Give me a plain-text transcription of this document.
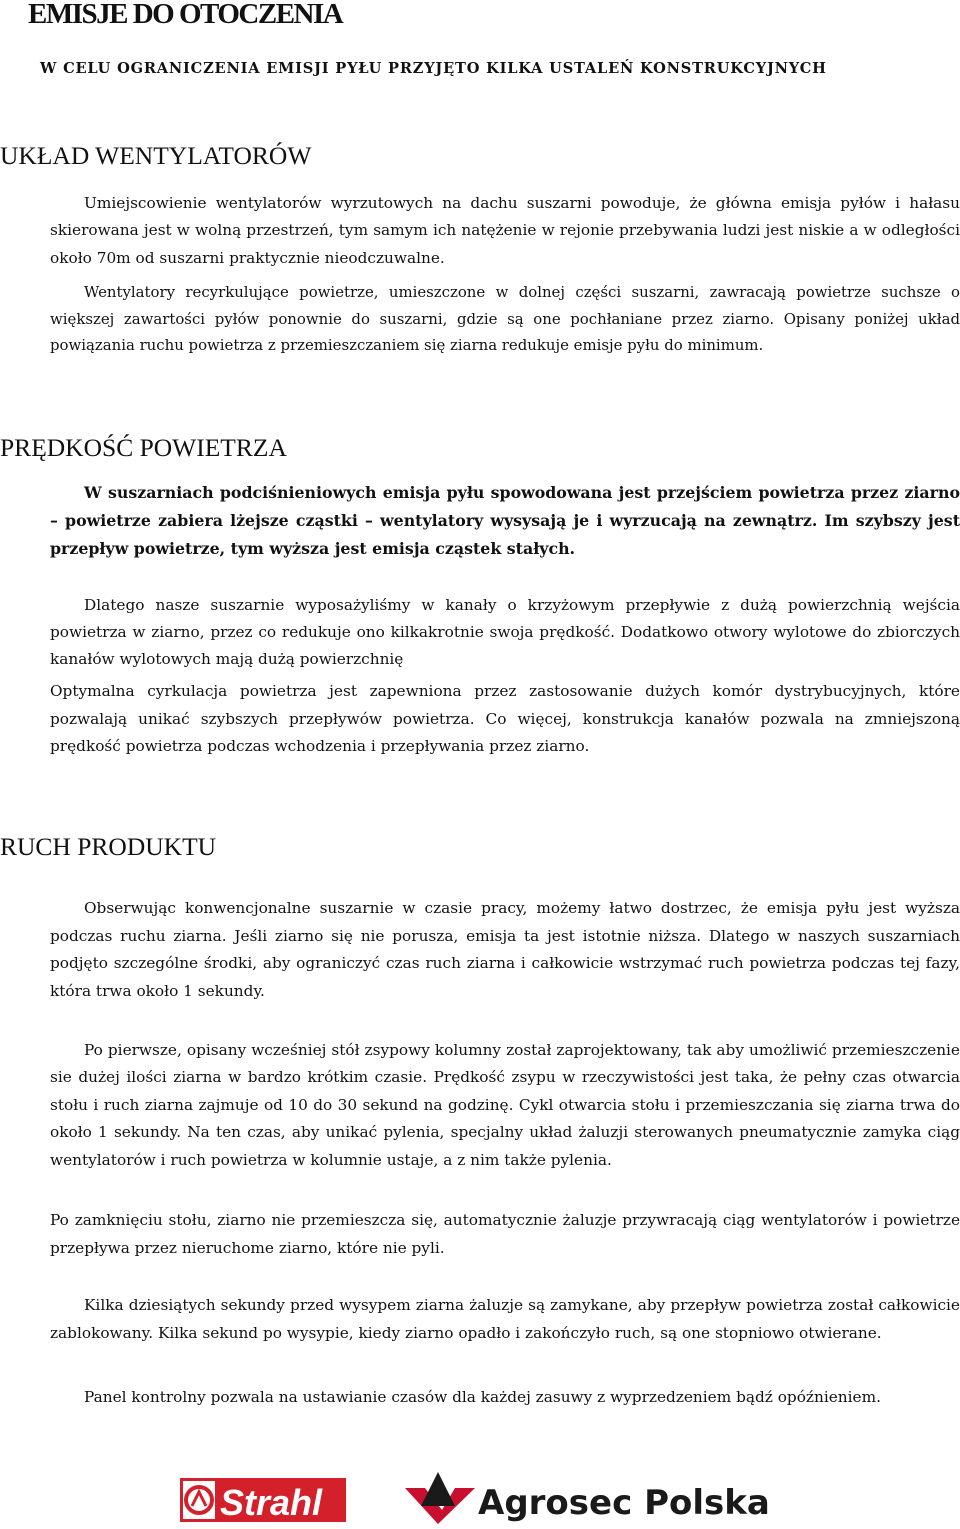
EMISJE DO OTOCZENIA
W CELU OGRANICZENIA EMISJI PYŁU PRZYJĘTO KILKA USTALEŃ KONSTRUKCYJNYCH
UKŁAD WENTYLATORÓW
Umiejscowienie wentylatorów wyrzutowych na dachu suszarni powoduje, że główna emisja pyłów i hałasu skierowana jest w wolną przestrzeń, tym samym ich natężenie w rejonie przebywania ludzi jest niskie a w odległości około 70m od suszarni praktycznie nieodczuwalne.
Wentylatory recyrkulujące powietrze, umieszczone w dolnej części suszarni, zawracają powietrze suchsze o większej zawartości pyłów ponownie do suszarni, gdzie są one pochłaniane przez ziarno. Opisany poniżej układ powiązania ruchu powietrza z przemieszczaniem się ziarna redukuje emisje pyłu do minimum.
PRĘDKOŚĆ POWIETRZA
W suszarniach podciśnieniowych emisja pyłu spowodowana jest przejściem powietrza przez ziarno – powietrze zabiera lżejsze cząstki – wentylatory wysysają je i wyrzucają na zewnątrz. Im szybszy jest przepływ powietrze, tym wyższa jest emisja cząstek stałych.
Dlatego nasze suszarnie wyposażyliśmy w kanały o krzyżowym przepływie z dużą powierzchnią wejścia powietrza w ziarno, przez co redukuje ono kilkakrotnie swoja prędkość. Dodatkowo otwory wylotowe do zbiorczych kanałów wylotowych mają dużą powierzchnię
Optymalna cyrkulacja powietrza jest zapewniona przez zastosowanie dużych komór dystrybucyjnych, które pozwalają unikać szybszych przepływów powietrza. Co więcej, konstrukcja kanałów pozwala na zmniejszoną prędkość powietrza podczas wchodzenia i przepływania przez ziarno.
RUCH PRODUKTU
Obserwując konwencjonalne suszarnie w czasie pracy, możemy łatwo dostrzec, że emisja pyłu jest wyższa podczas ruchu ziarna. Jeśli ziarno się nie porusza, emisja ta jest istotnie niższa. Dlatego w naszych suszarniach podjęto szczególne środki, aby ograniczyć czas ruch ziarna i całkowicie wstrzymać ruch powietrza podczas tej fazy, która trwa około 1 sekundy.
Po pierwsze, opisany wcześniej stół zsypowy kolumny został zaprojektowany, tak aby umożliwić przemieszczenie sie dużej ilości ziarna w bardzo krótkim czasie. Prędkość zsypu w rzeczywistości jest taka, że pełny czas otwarcia stołu i ruch ziarna zajmuje od 10 do 30 sekund na godzinę. Cykl otwarcia stołu i przemieszczania się ziarna trwa do około 1 sekundy. Na ten czas, aby unikać pylenia, specjalny układ żaluzji sterowanych pneumatycznie zamyka ciąg wentylatorów i ruch powietrza w kolumnie ustaje, a z nim także pylenia.
Po zamknięciu stołu, ziarno nie przemieszcza się, automatycznie żaluzje przywracają ciąg wentylatorów i powietrze przepływa przez nieruchome ziarno, które nie pyli.
Kilka dziesiątych sekundy przed wysypem ziarna żaluzje są zamykane, aby przepływ powietrza został całkowicie zablokowany. Kilka sekund po wysypie, kiedy ziarno opadło i zakończyło ruch, są one stopniowo otwierane.
Panel kontrolny pozwala na ustawianie czasów dla każdej zasuwy z wyprzedzeniem bądź opóźnieniem.
Strahl	Agrosec Polska
